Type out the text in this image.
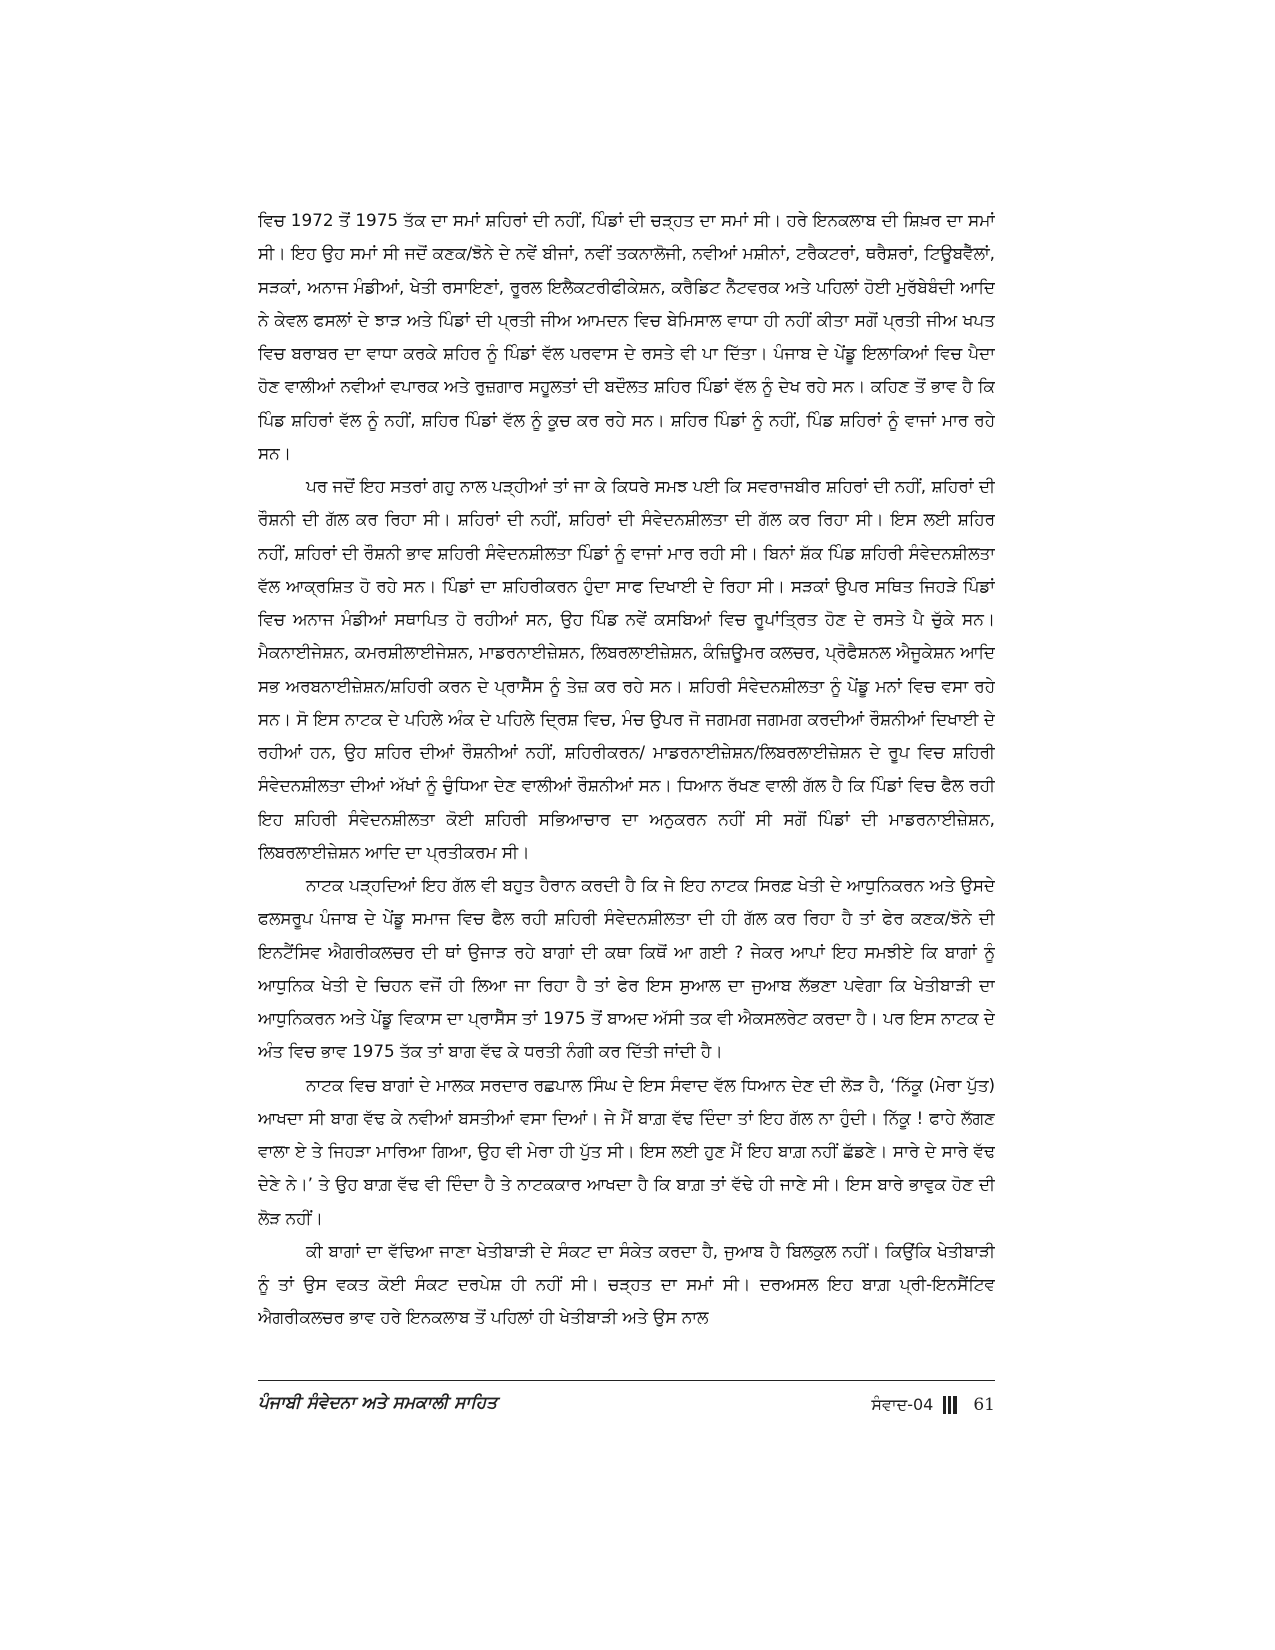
ਵਿਚ 1972 ਤੋਂ 1975 ਤੱਕ ਦਾ ਸਮਾਂ ਸ਼ਹਿਰਾਂ ਦੀ ਨਹੀਂ, ਪਿੰਡਾਂ ਦੀ ਚੜ੍ਹਤ ਦਾ ਸਮਾਂ ਸੀ। ਹਰੇ ਇਨਕਲਾਬ ਦੀ ਸ਼ਿਖ਼ਰ ਦਾ ਸਮਾਂ ਸੀ। ਇਹ ਉਹ ਸਮਾਂ ਸੀ ਜਦੋਂ ਕਣਕ/ਝੋਨੇ ਦੇ ਨਵੇਂ ਬੀਜਾਂ, ਨਵੀਂ ਤਕਨਾਲੋਜੀ, ਨਵੀਆਂ ਮਸ਼ੀਨਾਂ, ਟਰੈਕਟਰਾਂ, ਥਰੈਸ਼ਰਾਂ, ਟਿਊਬਵੈੱਲਾਂ, ਸੜਕਾਂ, ਅਨਾਜ ਮੰਡੀਆਂ, ਖੇਤੀ ਰਸਾਇਣਾਂ, ਰੂਰਲ ਇਲੈਕਟਰੀਫੀਕੇਸ਼ਨ, ਕਰੈਡਿਟ ਨੈੱਟਵਰਕ ਅਤੇ ਪਹਿਲਾਂ ਹੋਈ ਮੁਰੱਬੇਬੰਦੀ ਆਦਿ ਨੇ ਕੇਵਲ ਫਸਲਾਂ ਦੇ ਝਾੜ ਅਤੇ ਪਿੰਡਾਂ ਦੀ ਪ੍ਰਤੀ ਜੀਅ ਆਮਦਨ ਵਿਚ ਬੇਮਿਸਾਲ ਵਾਧਾ ਹੀ ਨਹੀਂ ਕੀਤਾ ਸਗੋਂ ਪ੍ਰਤੀ ਜੀਅ ਖਪਤ ਵਿਚ ਬਰਾਬਰ ਦਾ ਵਾਧਾ ਕਰਕੇ ਸ਼ਹਿਰ ਨੂੰ ਪਿੰਡਾਂ ਵੱਲ ਪਰਵਾਸ ਦੇ ਰਸਤੇ ਵੀ ਪਾ ਦਿੱਤਾ। ਪੰਜਾਬ ਦੇ ਪੇਂਡੂ ਇਲਾਕਿਆਂ ਵਿਚ ਪੈਦਾ ਹੋਣ ਵਾਲੀਆਂ ਨਵੀਆਂ ਵਪਾਰਕ ਅਤੇ ਰੁਜ਼ਗਾਰ ਸਹੂਲਤਾਂ ਦੀ ਬਦੌਲਤ ਸ਼ਹਿਰ ਪਿੰਡਾਂ ਵੱਲ ਨੂੰ ਦੇਖ ਰਹੇ ਸਨ। ਕਹਿਣ ਤੋਂ ਭਾਵ ਹੈ ਕਿ ਪਿੰਡ ਸ਼ਹਿਰਾਂ ਵੱਲ ਨੂੰ ਨਹੀਂ, ਸ਼ਹਿਰ ਪਿੰਡਾਂ ਵੱਲ ਨੂੰ ਕੂਚ ਕਰ ਰਹੇ ਸਨ। ਸ਼ਹਿਰ ਪਿੰਡਾਂ ਨੂੰ ਨਹੀਂ, ਪਿੰਡ ਸ਼ਹਿਰਾਂ ਨੂੰ ਵਾਜਾਂ ਮਾਰ ਰਹੇ ਸਨ।

ਪਰ ਜਦੋਂ ਇਹ ਸਤਰਾਂ ਗਹੁ ਨਾਲ ਪੜ੍ਹੀਆਂ ਤਾਂ ਜਾ ਕੇ ਕਿਧਰੇ ਸਮਝ ਪਈ ਕਿ ਸਵਰਾਜਬੀਰ ਸ਼ਹਿਰਾਂ ਦੀ ਨਹੀਂ, ਸ਼ਹਿਰਾਂ ਦੀ ਰੌਸ਼ਨੀ ਦੀ ਗੱਲ ਕਰ ਰਿਹਾ ਸੀ। ਸ਼ਹਿਰਾਂ ਦੀ ਨਹੀਂ, ਸ਼ਹਿਰਾਂ ਦੀ ਸੰਵੇਦਨਸ਼ੀਲਤਾ ਦੀ ਗੱਲ ਕਰ ਰਿਹਾ ਸੀ। ਇਸ ਲਈ ਸ਼ਹਿਰ ਨਹੀਂ, ਸ਼ਹਿਰਾਂ ਦੀ ਰੌਸ਼ਨੀ ਭਾਵ ਸ਼ਹਿਰੀ ਸੰਵੇਦਨਸ਼ੀਲਤਾ ਪਿੰਡਾਂ ਨੂੰ ਵਾਜਾਂ ਮਾਰ ਰਹੀ ਸੀ। ਬਿਨਾਂ ਸ਼ੱਕ ਪਿੰਡ ਸ਼ਹਿਰੀ ਸੰਵੇਦਨਸ਼ੀਲਤਾ ਵੱਲ ਆਕ੍ਰਸ਼ਿਤ ਹੋ ਰਹੇ ਸਨ। ਪਿੰਡਾਂ ਦਾ ਸ਼ਹਿਰੀਕਰਨ ਹੁੰਦਾ ਸਾਫ ਦਿਖਾਈ ਦੇ ਰਿਹਾ ਸੀ। ਸੜਕਾਂ ਉਪਰ ਸਥਿਤ ਜਿਹੜੇ ਪਿੰਡਾਂ ਵਿਚ ਅਨਾਜ ਮੰਡੀਆਂ ਸਥਾਪਿਤ ਹੋ ਰਹੀਆਂ ਸਨ, ਉਹ ਪਿੰਡ ਨਵੇਂ ਕਸਬਿਆਂ ਵਿਚ ਰੂਪਾਂਤ੍ਰਿਤ ਹੋਣ ਦੇ ਰਸਤੇ ਪੈ ਚੁੱਕੇ ਸਨ। ਮੈਕਨਾਈਜੇਸ਼ਨ, ਕਮਰਸ਼ੀਲਾਈਜੇਸ਼ਨ, ਮਾਡਰਨਾਈਜ਼ੇਸ਼ਨ, ਲਿਬਰਲਾਈਜ਼ੇਸ਼ਨ, ਕੰਜ਼ਿਊਮਰ ਕਲਚਰ, ਪ੍ਰੋਫੈਸ਼ਨਲ ਐਜੂਕੇਸ਼ਨ ਆਦਿ ਸਭ ਅਰਬਨਾਈਜ਼ੇਸ਼ਨ/ਸ਼ਹਿਰੀ ਕਰਨ ਦੇ ਪ੍ਰਾਸੈੱਸ ਨੂੰ ਤੇਜ਼ ਕਰ ਰਹੇ ਸਨ। ਸ਼ਹਿਰੀ ਸੰਵੇਦਨਸ਼ੀਲਤਾ ਨੂੰ ਪੇਂਡੂ ਮਨਾਂ ਵਿਚ ਵਸਾ ਰਹੇ ਸਨ। ਸੋ ਇਸ ਨਾਟਕ ਦੇ ਪਹਿਲੇ ਅੰਕ ਦੇ ਪਹਿਲੇ ਦ੍ਰਿਸ਼ ਵਿਚ, ਮੰਚ ਉਪਰ ਜੋ ਜਗਮਗ ਜਗਮਗ ਕਰਦੀਆਂ ਰੌਸ਼ਨੀਆਂ ਦਿਖਾਈ ਦੇ ਰਹੀਆਂ ਹਨ, ਉਹ ਸ਼ਹਿਰ ਦੀਆਂ ਰੌਸ਼ਨੀਆਂ ਨਹੀਂ, ਸ਼ਹਿਰੀਕਰਨ/ ਮਾਡਰਨਾਈਜ਼ੇਸ਼ਨ/ਲਿਬਰਲਾਈਜ਼ੇਸ਼ਨ ਦੇ ਰੂਪ ਵਿਚ ਸ਼ਹਿਰੀ ਸੰਵੇਦਨਸ਼ੀਲਤਾ ਦੀਆਂ ਅੱਖਾਂ ਨੂੰ ਚੁੰਧਿਆ ਦੇਣ ਵਾਲੀਆਂ ਰੌਸ਼ਨੀਆਂ ਸਨ। ਧਿਆਨ ਰੱਖਣ ਵਾਲੀ ਗੱਲ ਹੈ ਕਿ ਪਿੰਡਾਂ ਵਿਚ ਫੈਲ ਰਹੀ ਇਹ ਸ਼ਹਿਰੀ ਸੰਵੇਦਨਸ਼ੀਲਤਾ ਕੋਈ ਸ਼ਹਿਰੀ ਸਭਿਆਚਾਰ ਦਾ ਅਨੁਕਰਨ ਨਹੀਂ ਸੀ ਸਗੋਂ ਪਿੰਡਾਂ ਦੀ ਮਾਡਰਨਾਈਜ਼ੇਸ਼ਨ, ਲਿਬਰਲਾਈਜ਼ੇਸ਼ਨ ਆਦਿ ਦਾ ਪ੍ਰਤੀਕਰਮ ਸੀ।

ਨਾਟਕ ਪੜ੍ਹਦਿਆਂ ਇਹ ਗੱਲ ਵੀ ਬਹੁਤ ਹੈਰਾਨ ਕਰਦੀ ਹੈ ਕਿ ਜੇ ਇਹ ਨਾਟਕ ਸਿਰਫ਼ ਖੇਤੀ ਦੇ ਆਧੁਨਿਕਰਨ ਅਤੇ ਉਸਦੇ ਫਲਸਰੂਪ ਪੰਜਾਬ ਦੇ ਪੇਂਡੂ ਸਮਾਜ ਵਿਚ ਫੈਲ ਰਹੀ ਸ਼ਹਿਰੀ ਸੰਵੇਦਨਸ਼ੀਲਤਾ ਦੀ ਹੀ ਗੱਲ ਕਰ ਰਿਹਾ ਹੈ ਤਾਂ ਫੇਰ ਕਣਕ/ਝੋਨੇ ਦੀ ਇਨਟੈਂਸਿਵ ਐਗਰੀਕਲਚਰ ਦੀ ਥਾਂ ਉਜਾੜ ਰਹੇ ਬਾਗਾਂ ਦੀ ਕਥਾ ਕਿਥੋਂ ਆ ਗਈ ? ਜੇਕਰ ਆਪਾਂ ਇਹ ਸਮਝੀਏ ਕਿ ਬਾਗਾਂ ਨੂੰ ਆਧੁਨਿਕ ਖੇਤੀ ਦੇ ਚਿਹਨ ਵਜੋਂ ਹੀ ਲਿਆ ਜਾ ਰਿਹਾ ਹੈ ਤਾਂ ਫੇਰ ਇਸ ਸੁਆਲ ਦਾ ਜੁਆਬ ਲੱਭਣਾ ਪਵੇਗਾ ਕਿ ਖੇਤੀਬਾੜੀ ਦਾ ਆਧੁਨਿਕਰਨ ਅਤੇ ਪੇਂਡੂ ਵਿਕਾਸ ਦਾ ਪ੍ਰਾਸੈੱਸ ਤਾਂ 1975 ਤੋਂ ਬਾਅਦ ਅੱਸੀ ਤਕ ਵੀ ਐਕਸਲਰੇਟ ਕਰਦਾ ਹੈ। ਪਰ ਇਸ ਨਾਟਕ ਦੇ ਅੰਤ ਵਿਚ ਭਾਵ 1975 ਤੱਕ ਤਾਂ ਬਾਗ ਵੱਢ ਕੇ ਧਰਤੀ ਨੰਗੀ ਕਰ ਦਿੱਤੀ ਜਾਂਦੀ ਹੈ।

ਨਾਟਕ ਵਿਚ ਬਾਗਾਂ ਦੇ ਮਾਲਕ ਸਰਦਾਰ ਰਛਪਾਲ ਸਿੰਘ ਦੇ ਇਸ ਸੰਵਾਦ ਵੱਲ ਧਿਆਨ ਦੇਣ ਦੀ ਲੋੜ ਹੈ, ‘ਨਿੱਕੂ (ਮੇਰਾ ਪੁੱਤ) ਆਖਦਾ ਸੀ ਬਾਗ ਵੱਢ ਕੇ ਨਵੀਆਂ ਬਸਤੀਆਂ ਵਸਾ ਦਿਆਂ। ਜੇ ਮੈਂ ਬਾਗ਼ ਵੱਢ ਦਿੰਦਾ ਤਾਂ ਇਹ ਗੱਲ ਨਾ ਹੁੰਦੀ। ਨਿੱਕੂ ! ਫਾਹੇ ਲੱਗਣ ਵਾਲਾ ਏ ਤੇ ਜਿਹੜਾ ਮਾਰਿਆ ਗਿਆ, ਉਹ ਵੀ ਮੇਰਾ ਹੀ ਪੁੱਤ ਸੀ। ਇਸ ਲਈ ਹੁਣ ਮੈਂ ਇਹ ਬਾਗ਼ ਨਹੀਂ ਛੱਡਣੇ। ਸਾਰੇ ਦੇ ਸਾਰੇ ਵੱਢ ਦੇਣੇ ਨੇ।’ ਤੇ ਉਹ ਬਾਗ਼ ਵੱਢ ਵੀ ਦਿੰਦਾ ਹੈ ਤੇ ਨਾਟਕਕਾਰ ਆਖਦਾ ਹੈ ਕਿ ਬਾਗ਼ ਤਾਂ ਵੱਢੇ ਹੀ ਜਾਣੇ ਸੀ। ਇਸ ਬਾਰੇ ਭਾਵੁਕ ਹੋਣ ਦੀ ਲੋੜ ਨਹੀਂ।

ਕੀ ਬਾਗਾਂ ਦਾ ਵੱਢਿਆ ਜਾਣਾ ਖੇਤੀਬਾੜੀ ਦੇ ਸੰਕਟ ਦਾ ਸੰਕੇਤ ਕਰਦਾ ਹੈ, ਜੁਆਬ ਹੈ ਬਿਲਕੁਲ ਨਹੀਂ। ਕਿਉਂਕਿ ਖੇਤੀਬਾੜੀ ਨੂੰ ਤਾਂ ਉਸ ਵਕਤ ਕੋਈ ਸੰਕਟ ਦਰਪੇਸ਼ ਹੀ ਨਹੀਂ ਸੀ। ਚੜ੍ਹਤ ਦਾ ਸਮਾਂ ਸੀ। ਦਰਅਸਲ ਇਹ ਬਾਗ਼ ਪ੍ਰੀ-ਇਨਸੈਂਟਿਵ ਐਗਰੀਕਲਚਰ ਭਾਵ ਹਰੇ ਇਨਕਲਾਬ ਤੋਂ ਪਹਿਲਾਂ ਹੀ ਖੇਤੀਬਾੜੀ ਅਤੇ ਉਸ ਨਾਲ

ਪੰਜਾਬੀ ਸੰਵੇਦਨਾ ਅਤੇ ਸਮਕਾਲੀ ਸਾਹਿਤ	ਸੰਵਾਦ-04 61
